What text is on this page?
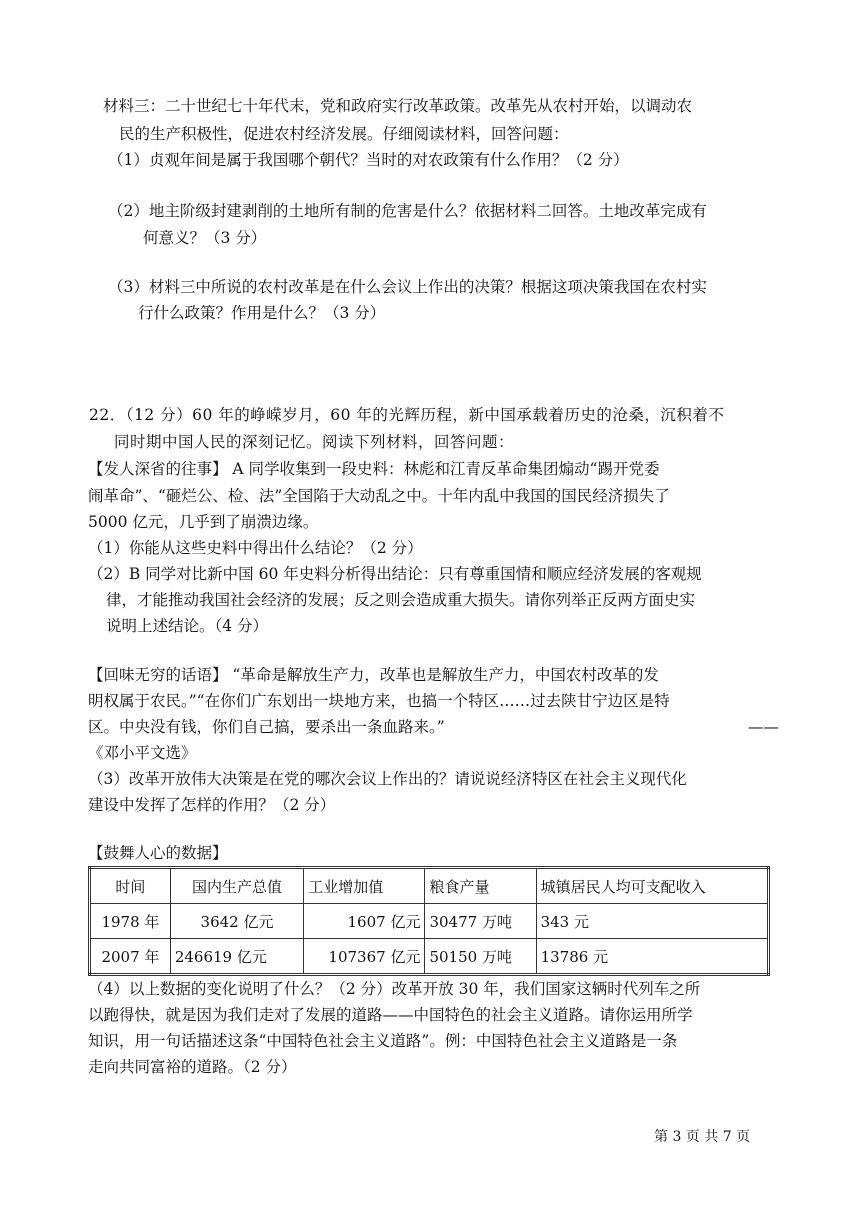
材料三：二十世纪七十年代末，党和政府实行改革政策。改革先从农村开始，以调动农
民的生产积极性，促进农村经济发展。仔细阅读材料，回答问题：
（1）贞观年间是属于我国哪个朝代？当时的对农政策有什么作用？（2 分）
（2）地主阶级封建剥削的土地所有制的危害是什么？依据材料二回答。土地改革完成有
何意义？（3 分）
（3）材料三中所说的农村改革是在什么会议上作出的决策？根据这项决策我国在农村实
行什么政策？作用是什么？（3 分）
22．（12 分）60 年的峥嵘岁月，60 年的光辉历程，新中国承载着历史的沧桑，沉积着不
同时期中国人民的深刻记忆。阅读下列材料，回答问题：
【发人深省的往事】 A 同学收集到一段史料：林彪和江青反革命集团煽动“踢开党委
闹革命”、“砸烂公、检、法”全国陷于大动乱之中。十年内乱中我国的国民经济损失了
5000 亿元，几乎到了崩溃边缘。
（1）你能从这些史料中得出什么结论？（2 分）
（2）B 同学对比新中国 60 年史料分析得出结论：只有尊重国情和顺应经济发展的客观规
律，才能推动我国社会经济的发展；反之则会造成重大损失。请你列举正反两方面史实
说明上述结论。（4 分）
【回味无穷的话语】 “革命是解放生产力，改革也是解放生产力，中国农村改革的发
明权属于农民。”“在你们广东划出一块地方来，也搞一个特区……过去陕甘宁边区是特
区。中央没有钱，你们自己搞，要杀出一条血路来。”	——
《邓小平文选》
（3）改革开放伟大决策是在党的哪次会议上作出的？请说说经济特区在社会主义现代化
建设中发挥了怎样的作用？（2 分）
【鼓舞人心的数据】
时间	国内生产总值	工业增加值	粮食产量	城镇居民人均可支配收入
1978 年	3642 亿元	1607 亿元	30477 万吨	343 元
2007 年	246619 亿元	107367 亿元	50150 万吨	13786 元
（4）以上数据的变化说明了什么？（2 分）改革开放 30 年，我们国家这辆时代列车之所
以跑得快，就是因为我们走对了发展的道路——中国特色的社会主义道路。请你运用所学
知识，用一句话描述这条“中国特色社会主义道路”。例：中国特色社会主义道路是一条
走向共同富裕的道路。（2 分）
第 3 页 共 7 页
